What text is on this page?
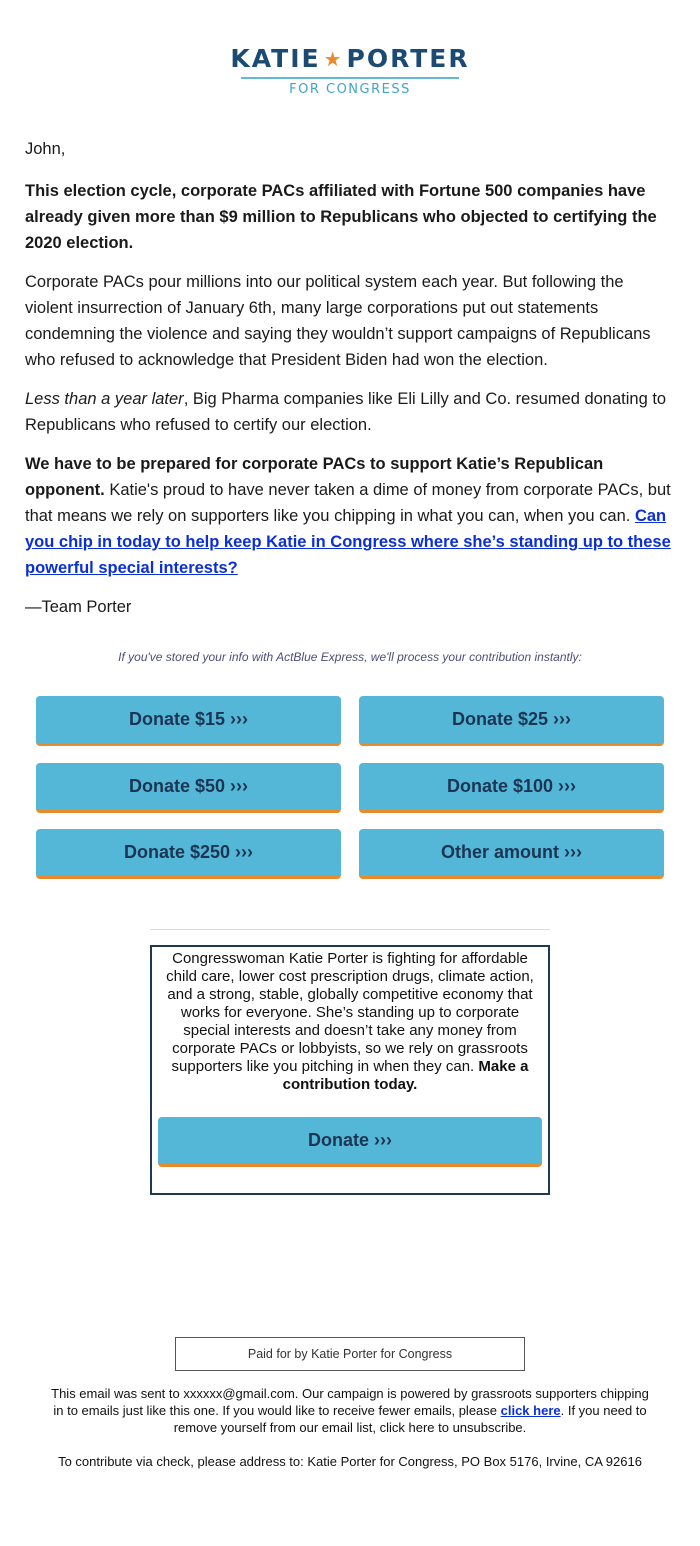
KATIE ★ PORTER
FOR CONGRESS

John,

This election cycle, corporate PACs affiliated with Fortune 500 companies have already given more than $9 million to Republicans who objected to certifying the 2020 election.

Corporate PACs pour millions into our political system each year. But following the violent insurrection of January 6th, many large corporations put out statements condemning the violence and saying they wouldn’t support campaigns of Republicans who refused to acknowledge that President Biden had won the election.

Less than a year later, Big Pharma companies like Eli Lilly and Co. resumed donating to Republicans who refused to certify our election.

We have to be prepared for corporate PACs to support Katie’s Republican opponent. Katie's proud to have never taken a dime of money from corporate PACs, but that means we rely on supporters like you chipping in what you can, when you can. Can you chip in today to help keep Katie in Congress where she’s standing up to these powerful special interests?

—Team Porter

If you've stored your info with ActBlue Express, we'll process your contribution instantly:
Donate $15 ›››	Donate $25 ›››
Donate $50 ›››	Donate $100 ›››
Donate $250 ›››	Other amount ›››
Congresswoman Katie Porter is fighting for affordable child care, lower cost prescription drugs, climate action, and a strong, stable, globally competitive economy that works for everyone. She’s standing up to corporate special interests and doesn’t take any money from corporate PACs or lobbyists, so we rely on grassroots supporters like you pitching in when they can. Make a contribution today.
Donate ›››
Paid for by Katie Porter for Congress

This email was sent to xxxxxx@gmail.com. Our campaign is powered by grassroots supporters chipping in to emails just like this one. If you would like to receive fewer emails, please click here. If you need to remove yourself from our email list, click here to unsubscribe.

To contribute via check, please address to: Katie Porter for Congress, PO Box 5176, Irvine, CA 92616
